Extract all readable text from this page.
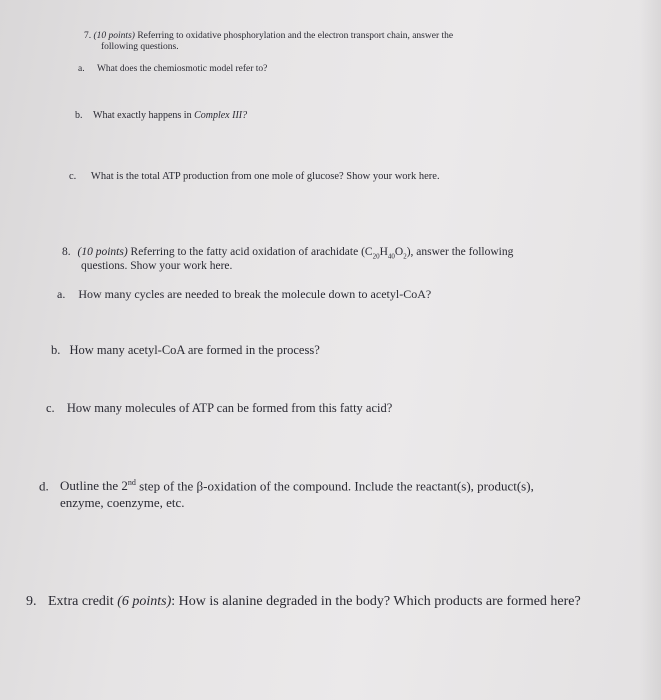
7. (10 points) Referring to oxidative phosphorylation and the electron transport chain, answer the
following questions.
a. What does the chemiosmotic model refer to?
b. What exactly happens in Complex III?
c. What is the total ATP production from one mole of glucose? Show your work here.
8. (10 points) Referring to the fatty acid oxidation of arachidate $(C_{20}H_{40}O_2)$, answer the following
questions. Show your work here.
a. How many cycles are needed to break the molecule down to acetyl-CoA?
b. How many acetyl-CoA are formed in the process?
c. How many molecules of ATP can be formed from this fatty acid?
d. Outline the 2nd step of the β-oxidation of the compound. Include the reactant(s), product(s),
enzyme, coenzyme, etc.
9. Extra credit (6 points): How is alanine degraded in the body? Which products are formed here?
